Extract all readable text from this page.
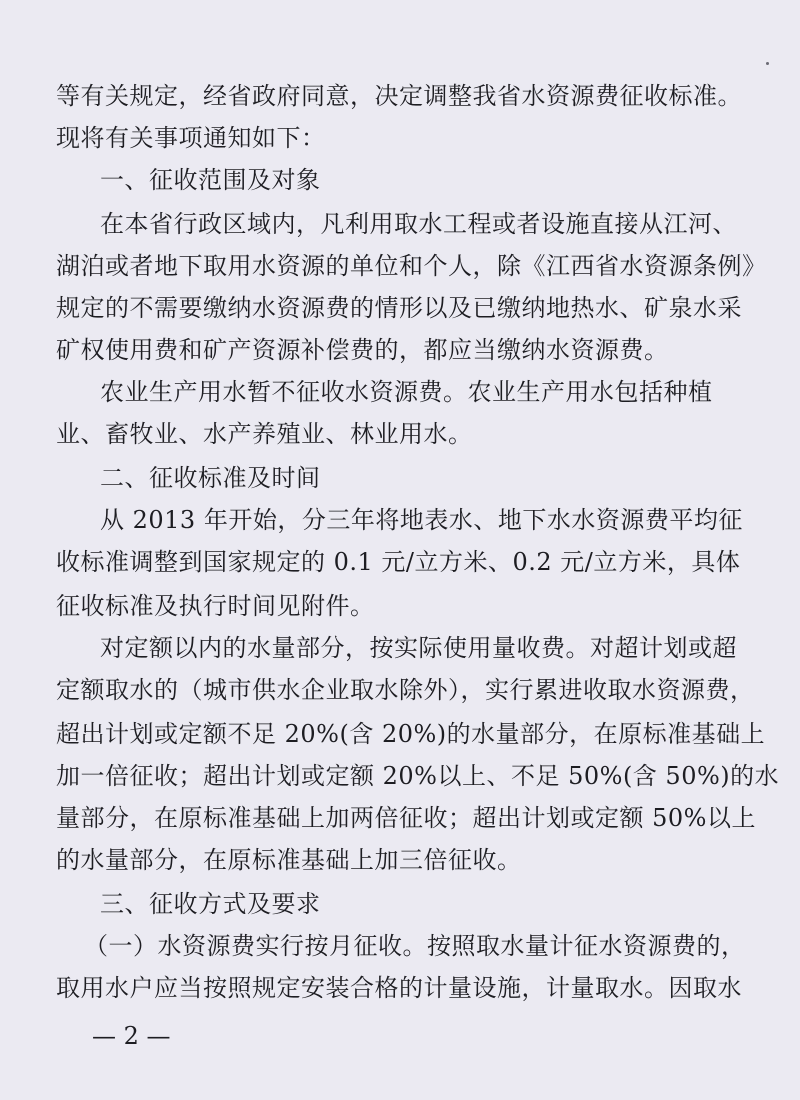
等有关规定，经省政府同意，决定调整我省水资源费征收标准。
现将有关事项通知如下：
一、征收范围及对象
在本省行政区域内，凡利用取水工程或者设施直接从江河、
湖泊或者地下取用水资源的单位和个人，除《江西省水资源条例》
规定的不需要缴纳水资源费的情形以及已缴纳地热水、矿泉水采
矿权使用费和矿产资源补偿费的，都应当缴纳水资源费。
农业生产用水暂不征收水资源费。农业生产用水包括种植
业、畜牧业、水产养殖业、林业用水。
二、征收标准及时间
从 2013 年开始，分三年将地表水、地下水水资源费平均征
收标准调整到国家规定的 0.1 元/立方米、0.2 元/立方米，具体
征收标准及执行时间见附件。
对定额以内的水量部分，按实际使用量收费。对超计划或超
定额取水的（城市供水企业取水除外），实行累进收取水资源费，
超出计划或定额不足 20%(含 20%)的水量部分，在原标准基础上
加一倍征收；超出计划或定额 20%以上、不足 50%(含 50%)的水
量部分，在原标准基础上加两倍征收；超出计划或定额 50%以上
的水量部分，在原标准基础上加三倍征收。
三、征收方式及要求
（一）水资源费实行按月征收。按照取水量计征水资源费的，
取用水户应当按照规定安装合格的计量设施，计量取水。因取水
— 2 —
